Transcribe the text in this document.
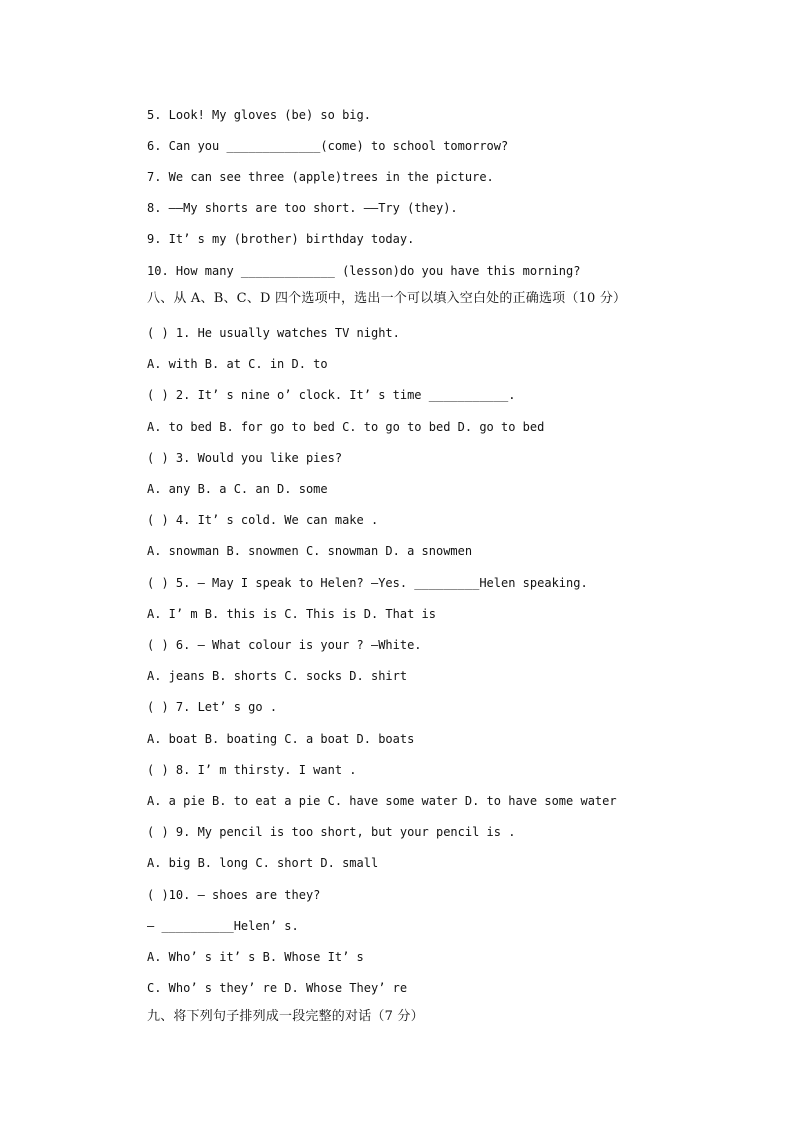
5. Look! My gloves (be) so big.

6. Can you _____________(come) to school tomorrow?

7. We can see three (apple)trees in the picture.

8. ——My shorts are too short. ——Try (they).

9. It’ s my (brother) birthday today.

10. How many _____________ (lesson)do you have this morning?

八、从 A、B、C、D 四个选项中，选出一个可以填入空白处的正确选项（10 分）

( ) 1. He usually watches TV night.

A. with B. at C. in D. to

( ) 2. It’ s nine o’ clock. It’ s time ___________.

A. to bed B. for go to bed C. to go to bed D. go to bed

( ) 3. Would you like pies?

A. any B. a C. an D. some

( ) 4. It’ s cold. We can make .

A. snowman B. snowmen C. snowman D. a snowmen

( ) 5. – May I speak to Helen? –Yes. _________Helen speaking.

A. I’ m B. this is C. This is D. That is

( ) 6. – What colour is your ? —White.

A. jeans B. shorts C. socks D. shirt

( ) 7. Let’ s go .

A. boat B. boating C. a boat D. boats

( ) 8. I’ m thirsty. I want .

A. a pie B. to eat a pie C. have some water D. to have some water

( ) 9. My pencil is too short, but your pencil is .

A. big B. long C. short D. small

( )10. – shoes are they?

– __________Helen’ s.

A. Who’ s it’ s B. Whose It’ s

C. Who’ s they’ re D. Whose They’ re

九、将下列句子排列成一段完整的对话（7 分）
